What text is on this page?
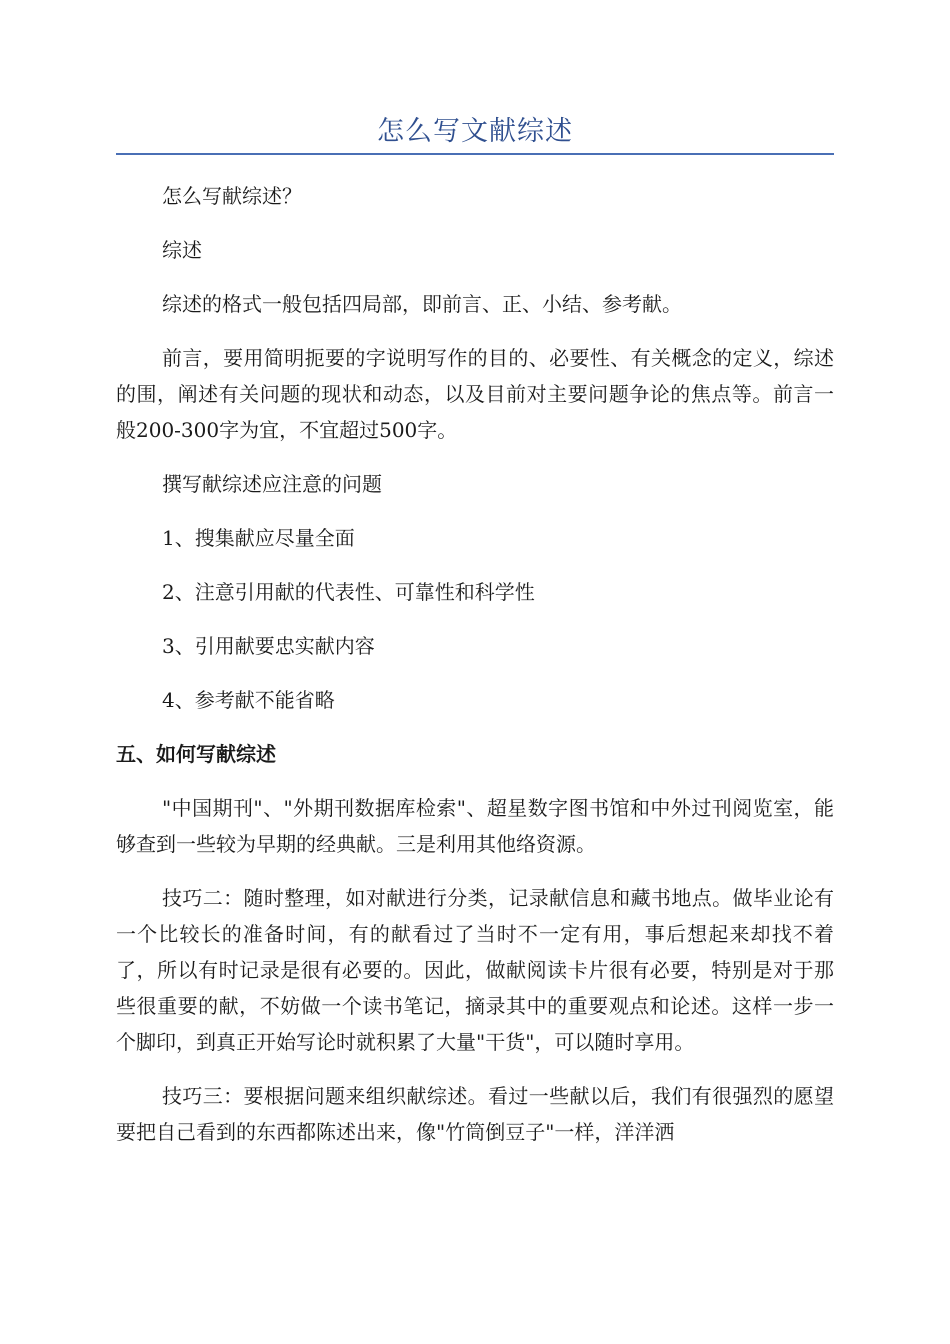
怎么写文献综述

怎么写献综述？

综述

综述的格式一般包括四局部，即前言、正、小结、参考献。

前言，要用简明扼要的字说明写作的目的、必要性、有关概念的定义，综述的围，阐述有关问题的现状和动态，以及目前对主要问题争论的焦点等。前言一般200-300字为宜，不宜超过500字。

撰写献综述应注意的问题

1、搜集献应尽量全面

2、注意引用献的代表性、可靠性和科学性

3、引用献要忠实献内容

4、参考献不能省略

五、如何写献综述

"中国期刊"、"外期刊数据库检索"、超星数字图书馆和中外过刊阅览室，能够查到一些较为早期的经典献。三是利用其他络资源。

技巧二：随时整理，如对献进行分类，记录献信息和藏书地点。做毕业论有一个比较长的准备时间，有的献看过了当时不一定有用，事后想起来却找不着了，所以有时记录是很有必要的。因此，做献阅读卡片很有必要，特别是对于那些很重要的献，不妨做一个读书笔记，摘录其中的重要观点和论述。这样一步一个脚印，到真正开始写论时就积累了大量"干货"，可以随时享用。

技巧三：要根据问题来组织献综述。看过一些献以后，我们有很强烈的愿望要把自己看到的东西都陈述出来，像"竹筒倒豆子"一样，洋洋洒
